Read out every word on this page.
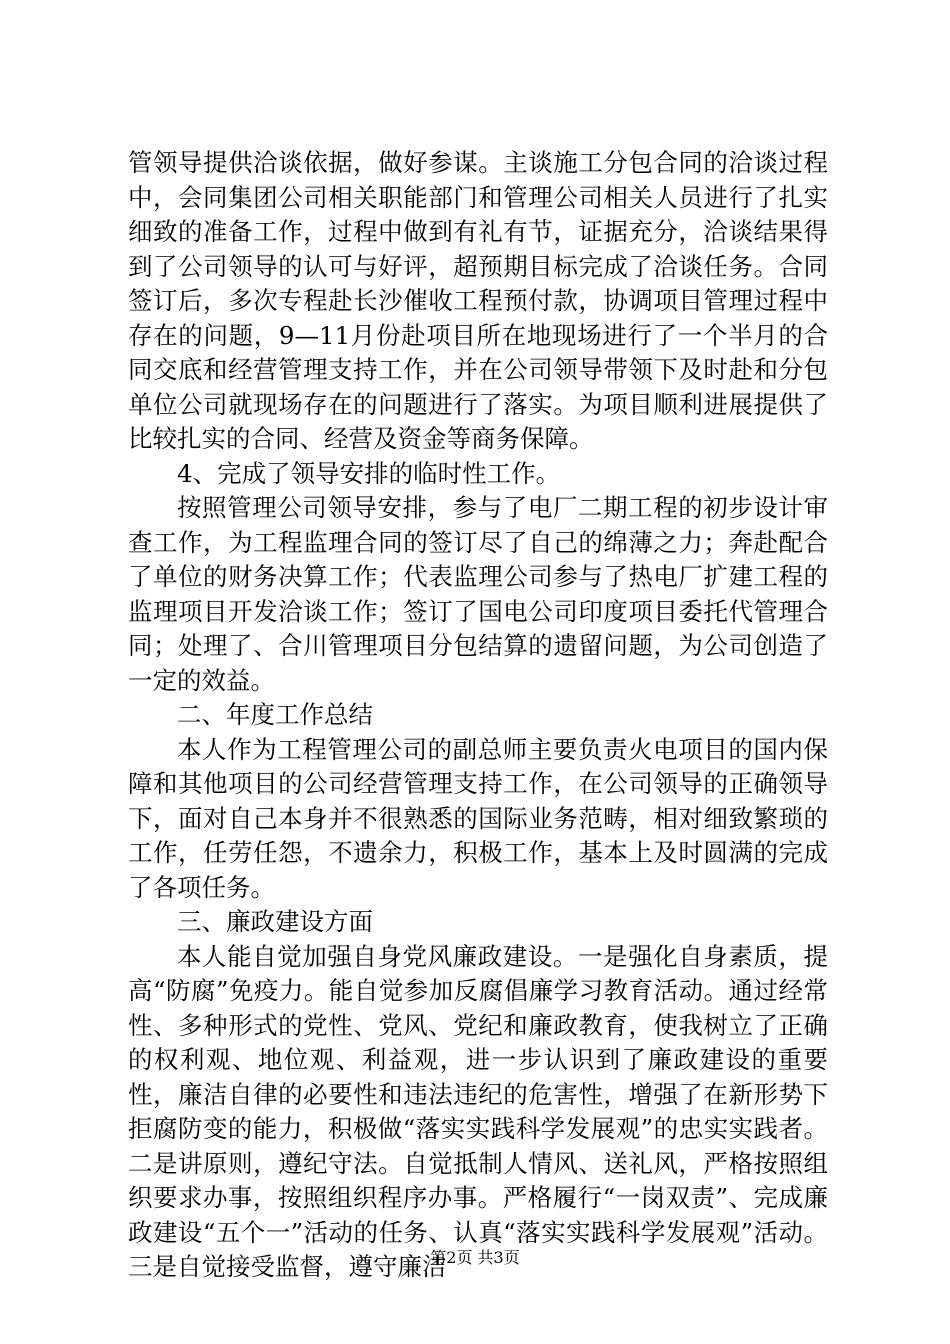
管领导提供洽谈依据，做好参谋。主谈施工分包合同的洽谈过程中，会同集团公司相关职能部门和管理公司相关人员进行了扎实细致的准备工作，过程中做到有礼有节，证据充分，洽谈结果得到了公司领导的认可与好评，超预期目标完成了洽谈任务。合同签订后，多次专程赴长沙催收工程预付款，协调项目管理过程中存在的问题，9—11月份赴项目所在地现场进行了一个半月的合同交底和经营管理支持工作，并在公司领导带领下及时赴和分包单位公司就现场存在的问题进行了落实。为项目顺利进展提供了比较扎实的合同、经营及资金等商务保障。

4、完成了领导安排的临时性工作。

按照管理公司领导安排，参与了电厂二期工程的初步设计审查工作，为工程监理合同的签订尽了自己的绵薄之力；奔赴配合了单位的财务决算工作；代表监理公司参与了热电厂扩建工程的监理项目开发洽谈工作；签订了国电公司印度项目委托代管理合同；处理了、合川管理项目分包结算的遗留问题，为公司创造了一定的效益。

二、年度工作总结

本人作为工程管理公司的副总师主要负责火电项目的国内保障和其他项目的公司经营管理支持工作，在公司领导的正确领导下，面对自己本身并不很熟悉的国际业务范畴，相对细致繁琐的工作，任劳任怨，不遗余力，积极工作，基本上及时圆满的完成了各项任务。

三、廉政建设方面

本人能自觉加强自身党风廉政建设。一是强化自身素质，提高“防腐”免疫力。能自觉参加反腐倡廉学习教育活动。通过经常性、多种形式的党性、党风、党纪和廉政教育，使我树立了正确的权利观、地位观、利益观，进一步认识到了廉政建设的重要性，廉洁自律的必要性和违法违纪的危害性，增强了在新形势下拒腐防变的能力，积极做“落实实践科学发展观”的忠实实践者。二是讲原则，遵纪守法。自觉抵制人情风、送礼风，严格按照组织要求办事，按照组织程序办事。严格履行“一岗双责”、完成廉政建设“五个一”活动的任务、认真“落实实践科学发展观”活动。三是自觉接受监督，遵守廉洁

第2页 共3页
